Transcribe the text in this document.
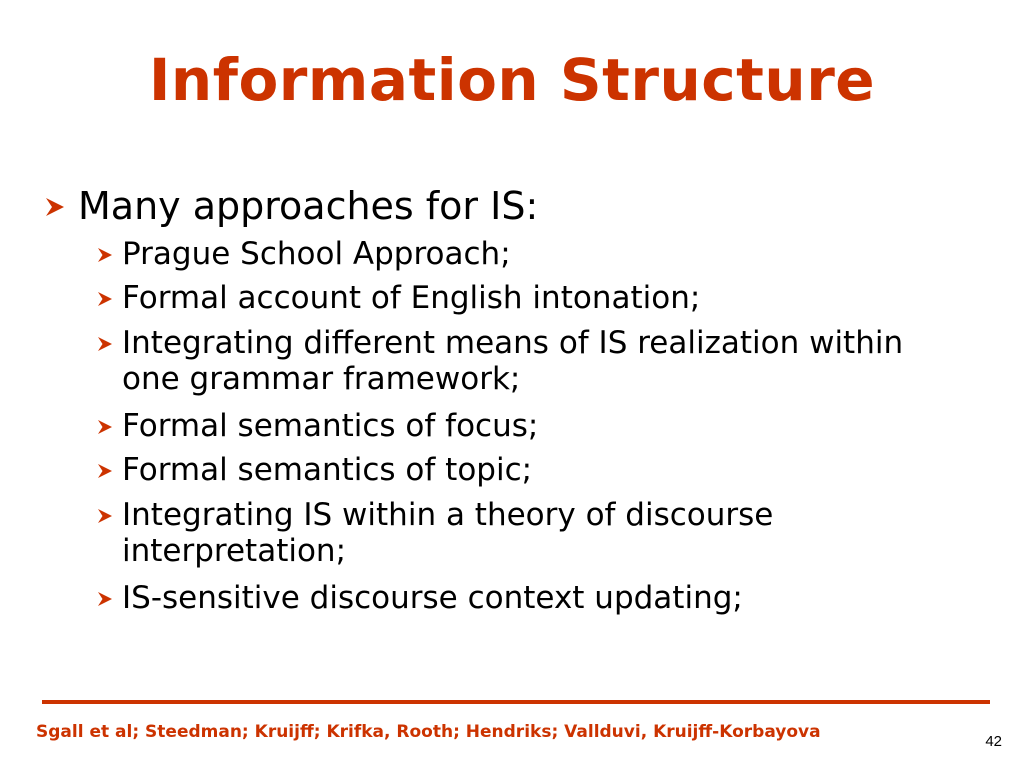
Information Structure
Many approaches for IS:
Prague School Approach;
Formal account of English intonation;
Integrating different means of IS realization within one grammar framework;
Formal semantics of focus;
Formal semantics of topic;
Integrating IS within a theory of discourse interpretation;
IS-sensitive discourse context updating;
Sgall et al; Steedman; Kruijff; Krifka, Rooth; Hendriks; Vallduvi, Kruijff-Korbayova	42
